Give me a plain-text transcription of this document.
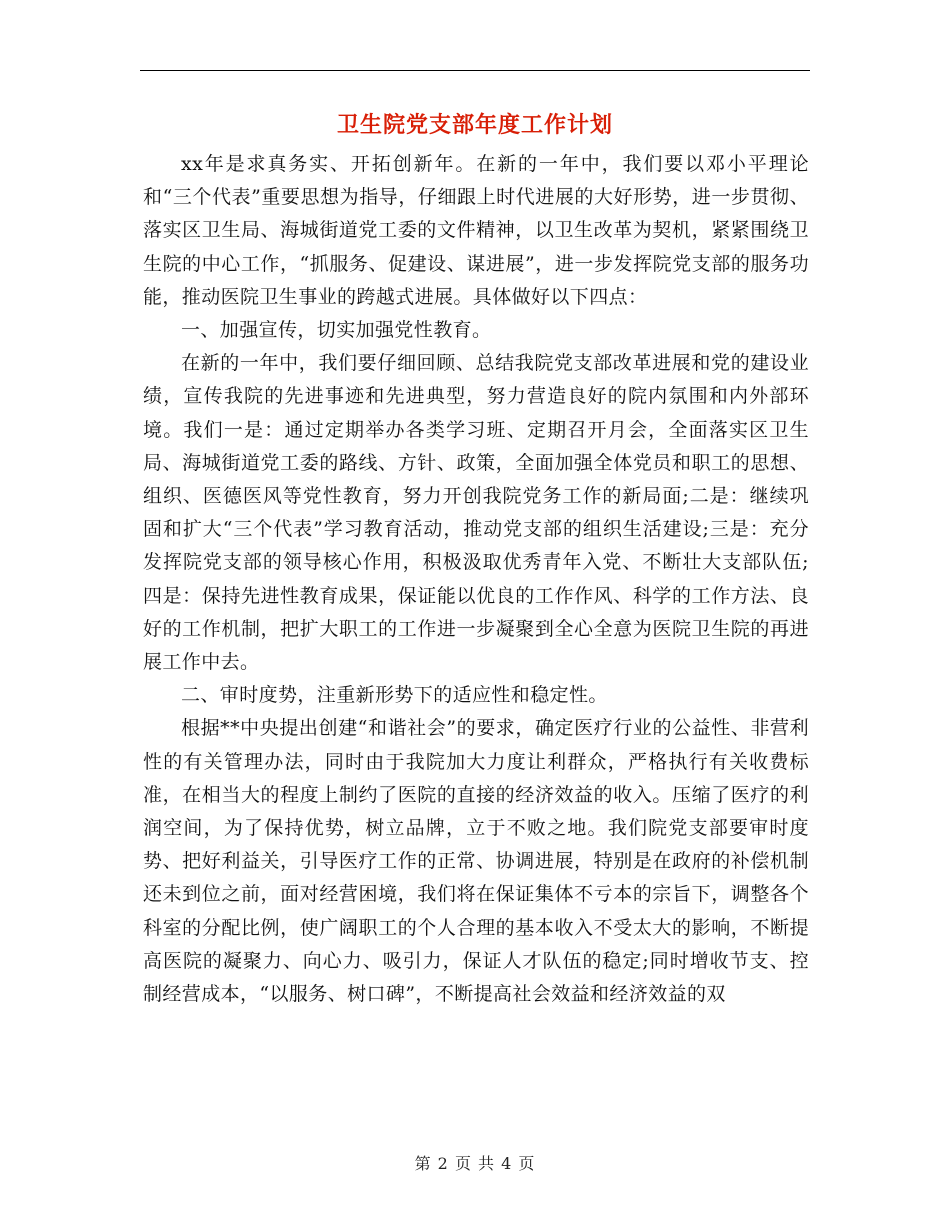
卫生院党支部年度工作计划

xx年是求真务实、开拓创新年。在新的一年中，我们要以邓小平理论和“三个代表”重要思想为指导，仔细跟上时代进展的大好形势，进一步贯彻、落实区卫生局、海城街道党工委的文件精神，以卫生改革为契机，紧紧围绕卫生院的中心工作，“抓服务、促建设、谋进展”，进一步发挥院党支部的服务功能，推动医院卫生事业的跨越式进展。具体做好以下四点：

一、加强宣传，切实加强党性教育。

在新的一年中，我们要仔细回顾、总结我院党支部改革进展和党的建设业绩，宣传我院的先进事迹和先进典型，努力营造良好的院内氛围和内外部环境。我们一是：通过定期举办各类学习班、定期召开月会，全面落实区卫生局、海城街道党工委的路线、方针、政策，全面加强全体党员和职工的思想、组织、医德医风等党性教育，努力开创我院党务工作的新局面;二是：继续巩固和扩大“三个代表”学习教育活动，推动党支部的组织生活建设;三是：充分发挥院党支部的领导核心作用，积极汲取优秀青年入党、不断壮大支部队伍;四是：保持先进性教育成果，保证能以优良的工作作风、科学的工作方法、良好的工作机制，把扩大职工的工作进一步凝聚到全心全意为医院卫生院的再进展工作中去。

二、审时度势，注重新形势下的适应性和稳定性。

根据**中央提出创建“和谐社会”的要求，确定医疗行业的公益性、非营利性的有关管理办法，同时由于我院加大力度让利群众，严格执行有关收费标准，在相当大的程度上制约了医院的直接的经济效益的收入。压缩了医疗的利润空间，为了保持优势，树立品牌，立于不败之地。我们院党支部要审时度势、把好利益关，引导医疗工作的正常、协调进展，特别是在政府的补偿机制还未到位之前，面对经营困境，我们将在保证集体不亏本的宗旨下，调整各个科室的分配比例，使广阔职工的个人合理的基本收入不受太大的影响，不断提高医院的凝聚力、向心力、吸引力，保证人才队伍的稳定;同时增收节支、控制经营成本，“以服务、树口碑”，不断提高社会效益和经济效益的双

第 2 页 共 4 页
